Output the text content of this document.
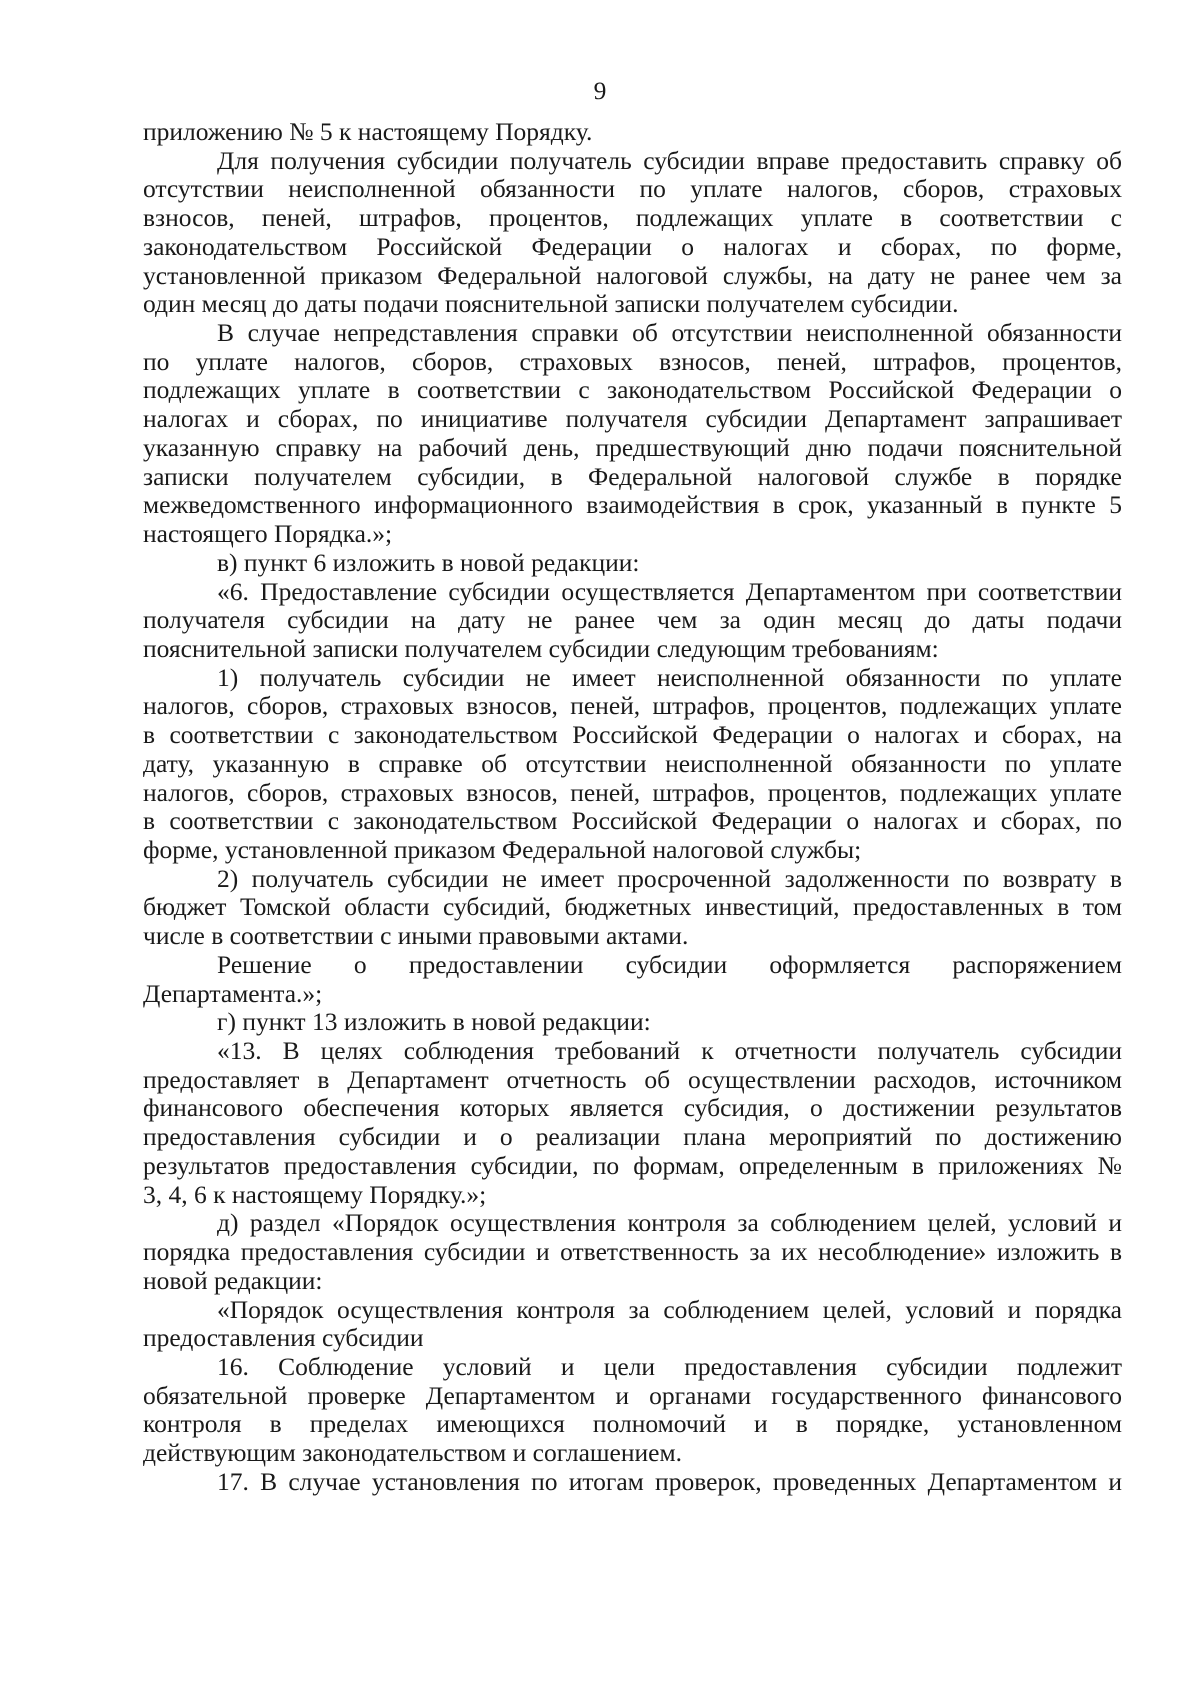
9
приложению № 5 к настоящему Порядку.
Для получения субсидии получатель субсидии вправе предоставить справку об
отсутствии неисполненной обязанности по уплате налогов, сборов, страховых
взносов, пеней, штрафов, процентов, подлежащих уплате в соответствии с
законодательством Российской Федерации о налогах и сборах, по форме,
установленной приказом Федеральной налоговой службы, на дату не ранее чем за
один месяц до даты подачи пояснительной записки получателем субсидии.
В случае непредставления справки об отсутствии неисполненной обязанности
по уплате налогов, сборов, страховых взносов, пеней, штрафов, процентов,
подлежащих уплате в соответствии с законодательством Российской Федерации о
налогах и сборах, по инициативе получателя субсидии Департамент запрашивает
указанную справку на рабочий день, предшествующий дню подачи пояснительной
записки получателем субсидии, в Федеральной налоговой службе в порядке
межведомственного информационного взаимодействия в срок, указанный в пункте 5
настоящего Порядка.»;
в) пункт 6 изложить в новой редакции:
«6. Предоставление субсидии осуществляется Департаментом при соответствии
получателя субсидии на дату не ранее чем за один месяц до даты подачи
пояснительной записки получателем субсидии следующим требованиям:
1) получатель субсидии не имеет неисполненной обязанности по уплате
налогов, сборов, страховых взносов, пеней, штрафов, процентов, подлежащих уплате
в соответствии с законодательством Российской Федерации о налогах и сборах, на
дату, указанную в справке об отсутствии неисполненной обязанности по уплате
налогов, сборов, страховых взносов, пеней, штрафов, процентов, подлежащих уплате
в соответствии с законодательством Российской Федерации о налогах и сборах, по
форме, установленной приказом Федеральной налоговой службы;
2) получатель субсидии не имеет просроченной задолженности по возврату в
бюджет Томской области субсидий, бюджетных инвестиций, предоставленных в том
числе в соответствии с иными правовыми актами.
Решение о предоставлении субсидии оформляется распоряжением
Департамента.»;
г) пункт 13 изложить в новой редакции:
«13. В целях соблюдения требований к отчетности получатель субсидии
предоставляет в Департамент отчетность об осуществлении расходов, источником
финансового обеспечения которых является субсидия, о достижении результатов
предоставления субсидии и о реализации плана мероприятий по достижению
результатов предоставления субсидии, по формам, определенным в приложениях №
3, 4, 6 к настоящему Порядку.»;
д) раздел «Порядок осуществления контроля за соблюдением целей, условий и
порядка предоставления субсидии и ответственность за их несоблюдение» изложить в
новой редакции:
«Порядок осуществления контроля за соблюдением целей, условий и порядка
предоставления субсидии
16. Соблюдение условий и цели предоставления субсидии подлежит
обязательной проверке Департаментом и органами государственного финансового
контроля в пределах имеющихся полномочий и в порядке, установленном
действующим законодательством и соглашением.
17. В случае установления по итогам проверок, проведенных Департаментом и
